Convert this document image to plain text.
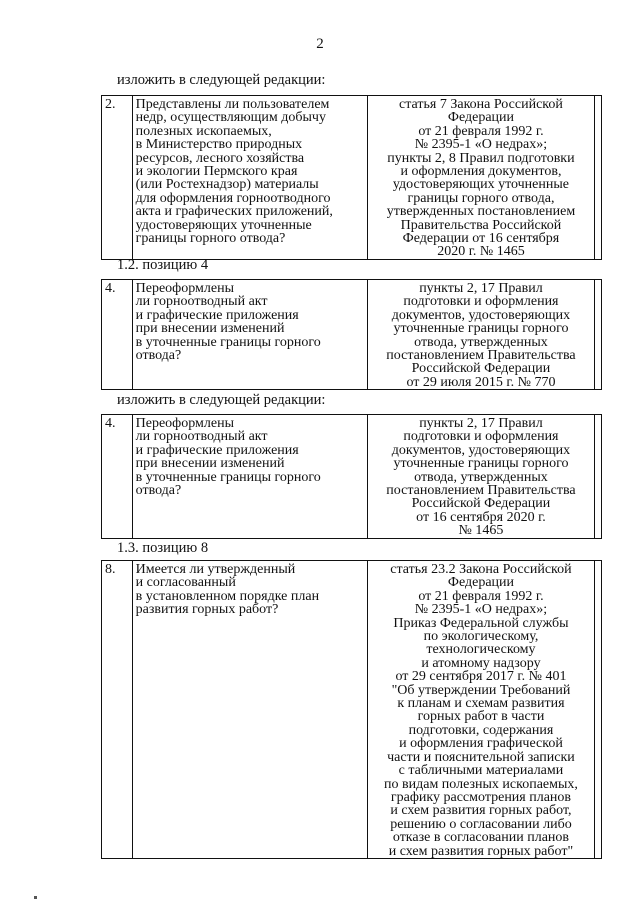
2
изложить в следующей редакции:
2.	Представлены ли пользователем
недр, осуществляющим добычу
полезных ископаемых,
в Министерство природных
ресурсов, лесного хозяйства
и экологии Пермского края
(или Ростехнадзор) материалы
для оформления горноотводного
акта и графических приложений,
удостоверяющих уточненные
границы горного отвода?

статья 7 Закона Российской
Федерации
от 21 февраля 1992 г.
№ 2395-1 «О недрах»;
пункты 2, 8 Правил подготовки
и оформления документов,
удостоверяющих уточненные
границы горного отвода,
утвержденных постановлением
Правительства Российской
Федерации от 16 сентября
2020 г. № 1465

1.2. позицию 4
4.	Переоформлены
ли горноотводный акт
и графические приложения
при внесении изменений
в уточненные границы горного
отвода?

пункты 2, 17 Правил
подготовки и оформления
документов, удостоверяющих
уточненные границы горного
отвода, утвержденных
постановлением Правительства
Российской Федерации
от 29 июля 2015 г. № 770

изложить в следующей редакции:
4.	Переоформлены
ли горноотводный акт
и графические приложения
при внесении изменений
в уточненные границы горного
отвода?

пункты 2, 17 Правил
подготовки и оформления
документов, удостоверяющих
уточненные границы горного
отвода, утвержденных
постановлением Правительства
Российской Федерации
от 16 сентября 2020 г.
№ 1465

1.3. позицию 8
8.	Имеется ли утвержденный
и согласованный
в установленном порядке план
развития горных работ?

статья 23.2 Закона Российской
Федерации
от 21 февраля 1992 г.
№ 2395-1 «О недрах»;
Приказ Федеральной службы
по экологическому,
технологическому
и атомному надзору
от 29 сентября 2017 г. № 401
"Об утверждении Требований
к планам и схемам развития
горных работ в части
подготовки, содержания
и оформления графической
части и пояснительной записки
с табличными материалами
по видам полезных ископаемых,
графику рассмотрения планов
и схем развития горных работ,
решению о согласовании либо
отказе в согласовании планов
и схем развития горных работ"
